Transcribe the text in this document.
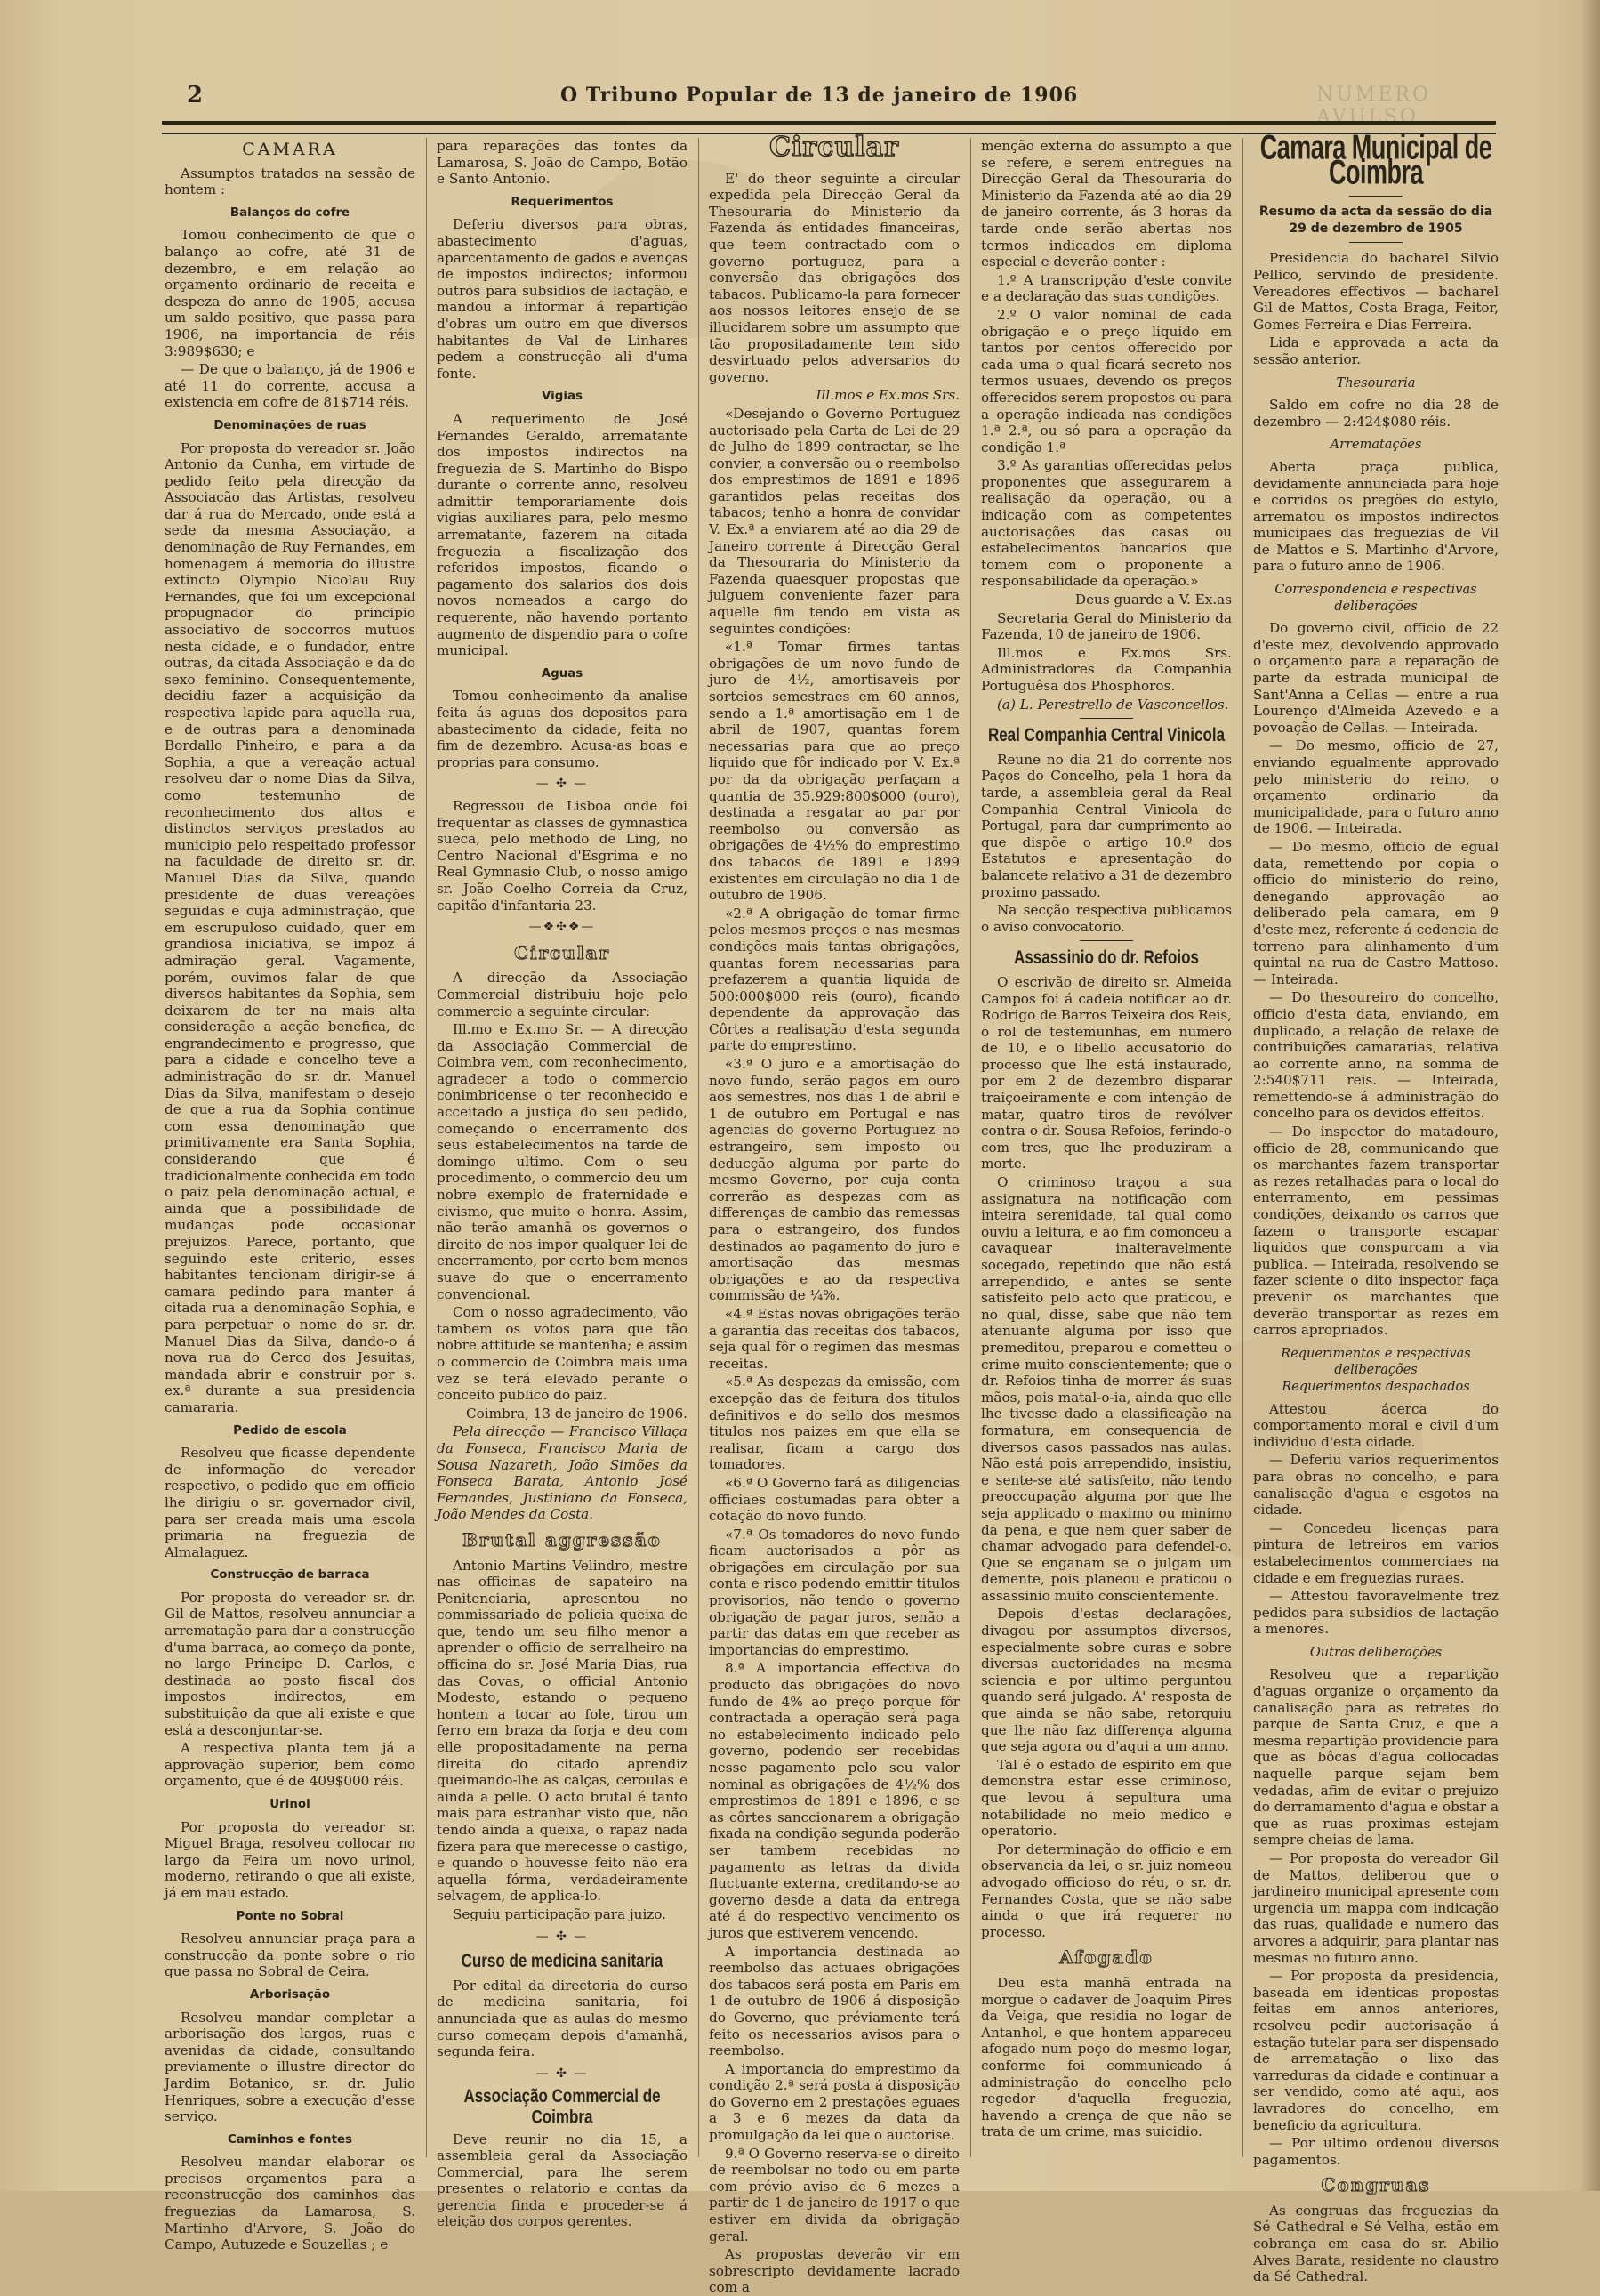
2	O Tribuno Popular de 13 de janeiro de 1906	NUMERO AVULSO
CAMARA

Assumptos tratados na sessão de hontem :

Balanços do cofre

Tomou conhecimento de que o balanço ao cofre, até 31 de dezembro, e em relação ao orçamento ordinario de receita e despeza do anno de 1905, accusa um saldo positivo, que passa para 1906, na importancia de réis 3:989$630; e

— De que o balanço, já de 1906 e até 11 do corrente, accusa a existencia em cofre de 81$714 réis.

Denominações de ruas

Por proposta do vereador sr. João Antonio da Cunha, em virtude de pedido feito pela direcção da Associação das Artistas, resolveu dar á rua do Mercado, onde está a sede da mesma Associação, a denominação de Ruy Fernandes, em homenagem á memoria do illustre extincto Olympio Nicolau Ruy Fernandes, que foi um excepcional propugnador do principio associativo de soccorros mutuos nesta cidade, e o fundador, entre outras, da citada Associação e da do sexo feminino. Consequentemente, decidiu fazer a acquisição da respectiva lapide para aquella rua, e de outras para a denominada Bordallo Pinheiro, e para a da Sophia, a que a vereação actual resolveu dar o nome Dias da Silva, como testemunho de reconhecimento dos altos e distinctos serviços prestados ao municipio pelo respeitado professor na faculdade de direito sr. dr. Manuel Dias da Silva, quando presidente de duas vereações seguidas e cuja administração, que em escrupuloso cuidado, quer em grandiosa iniciativa, se impoz á admiração geral. Vagamente, porém, ouvimos falar de que diversos habitantes da Sophia, sem deixarem de ter na mais alta consideração a acção benefica, de engrandecimento e progresso, que para a cidade e concelho teve a administração do sr. dr. Manuel Dias da Silva, manifestam o desejo de que a rua da Sophia continue com essa denominação que primitivamente era Santa Sophia, considerando que é tradicionalmente conhecida em todo o paiz pela denominação actual, e ainda que a possibilidade de mudanças pode occasionar prejuizos. Parece, portanto, que seguindo este criterio, esses habitantes tencionam dirigir-se á camara pedindo para manter á citada rua a denominação Sophia, e para perpetuar o nome do sr. dr. Manuel Dias da Silva, dando-o á nova rua do Cerco dos Jesuitas, mandada abrir e construir por s. ex.ª durante a sua presidencia camararia.

Pedido de escola

Resolveu que ficasse dependente de informação do vereador respectivo, o pedido que em officio lhe dirigiu o sr. governador civil, para ser creada mais uma escola primaria na freguezia de Almalaguez.

Construcção de barraca

Por proposta do vereador sr. dr. Gil de Mattos, resolveu annunciar a arrematação para dar a construcção d'uma barraca, ao começo da ponte, no largo Principe D. Carlos, e destinada ao posto fiscal dos impostos indirectos, em substituição da que ali existe e que está a desconjuntar-se.

A respectiva planta tem já a approvação superior, bem como orçamento, que é de 409$000 réis.

Urinol

Por proposta do vereador sr. Miguel Braga, resolveu collocar no largo da Feira um novo urinol, moderno, retirando o que ali existe, já em mau estado.

Ponte no Sobral

Resolveu annunciar praça para a construcção da ponte sobre o rio que passa no Sobral de Ceira.

Arborisação

Resolveu mandar completar a arborisação dos largos, ruas e avenidas da cidade, consultando previamente o illustre director do Jardim Botanico, sr. dr. Julio Henriques, sobre a execução d'esse serviço.

Caminhos e fontes

Resolveu mandar elaborar os precisos orçamentos para a reconstrucção dos caminhos das freguezias da Lamarosa, S. Martinho d'Arvore, S. João do Campo, Autuzede e Souzellas ; e

para reparações das fontes da Lamarosa, S. João do Campo, Botão e Santo Antonio.

Requerimentos

Deferiu diversos para obras, abastecimento d'aguas, aparcentamento de gados e avenças de impostos indirectos; informou outros para subsidios de lactação, e mandou a informar á repartição d'obras um outro em que diversos habitantes de Val de Linhares pedem a construcção ali d'uma fonte.

Vigias

A requerimento de José Fernandes Geraldo, arrematante dos impostos indirectos na freguezia de S. Martinho do Bispo durante o corrente anno, resolveu admittir temporariamente dois vigias auxiliares para, pelo mesmo arrematante, fazerem na citada freguezia a fiscalização dos referidos impostos, ficando o pagamento dos salarios dos dois novos nomeados a cargo do requerente, não havendo portanto augmento de dispendio para o cofre municipal.

Aguas

Tomou conhecimento da analise feita ás aguas dos depositos para abastecimento da cidade, feita no fim de dezembro. Acusa-as boas e proprias para consumo.

— ✣ —

Regressou de Lisboa onde foi frequentar as classes de gymnastica sueca, pelo methodo de Ling, no Centro Nacional d'Esgrima e no Real Gymnasio Club, o nosso amigo sr. João Coelho Correia da Cruz, capitão d'infantaria 23.

—❖✣❖—
Circular

A direcção da Associação Commercial distribuiu hoje pelo commercio a seguinte circular:

Ill.mo e Ex.mo Sr. — A direcção da Associação Commercial de Coimbra vem, com reconhecimento, agradecer a todo o commercio conimbricense o ter reconhecido e acceitado a justiça do seu pedido, começando o encerramento dos seus estabelecimentos na tarde de domingo ultimo. Com o seu procedimento, o commercio deu um nobre exemplo de fraternidade e civismo, que muito o honra. Assim, não terão amanhã os governos o direito de nos impor qualquer lei de encerramento, por certo bem menos suave do que o encerramento convencional.

Com o nosso agradecimento, vão tambem os votos para que tão nobre attitude se mantenha; e assim o commercio de Coimbra mais uma vez se terá elevado perante o conceito publico do paiz.

Coimbra, 13 de janeiro de 1906.

Pela direcção — Francisco Villaça da Fonseca, Francisco Maria de Sousa Nazareth, João Simões da Fonseca Barata, Antonio José Fernandes, Justiniano da Fonseca, João Mendes da Costa.

Brutal aggressão

Antonio Martins Velindro, mestre nas officinas de sapateiro na Penitenciaria, apresentou no commissariado de policia queixa de que, tendo um seu filho menor a aprender o officio de serralheiro na officina do sr. José Maria Dias, rua das Covas, o official Antonio Modesto, estando o pequeno hontem a tocar ao fole, tirou um ferro em braza da forja e deu com elle propositadamente na perna direita do citado aprendiz queimando-lhe as calças, ceroulas e ainda a pelle. O acto brutal é tanto mais para estranhar visto que, não tendo ainda a queixa, o rapaz nada fizera para que merecesse o castigo, e quando o houvesse feito não era aquella fórma, verdadeiramente selvagem, de applica-lo.

Seguiu participação para juizo.

— ✣ —
Curso de medicina sanitaria

Por edital da directoria do curso de medicina sanitaria, foi annunciada que as aulas do mesmo curso começam depois d'amanhã, segunda feira.

— ✣ —
Associação Commercial de Coimbra

Deve reunir no dia 15, a assembleia geral da Associação Commercial, para lhe serem presentes o relatorio e contas da gerencia finda e proceder-se á eleição dos corpos gerentes.

Circular

E' do theor seguinte a circular expedida pela Direcção Geral da Thesouraria do Ministerio da Fazenda ás entidades financeiras, que teem contractado com o governo portuguez, para a conversão das obrigações dos tabacos. Publicamo-la para fornecer aos nossos leitores ensejo de se illucidarem sobre um assumpto que tão propositadamente tem sido desvirtuado pelos adversarios do governo.

Ill.mos e Ex.mos Srs.

«Desejando o Governo Portuguez auctorisado pela Carta de Lei de 29 de Julho de 1899 contractar, se lhe convier, a conversão ou o reembolso dos emprestimos de 1891 e 1896 garantidos pelas receitas dos tabacos; tenho a honra de convidar V. Ex.ª a enviarem até ao dia 29 de Janeiro corrente á Direcção Geral da Thesouraria do Ministerio da Fazenda quaesquer propostas que julguem conveniente fazer para aquelle fim tendo em vista as seguintes condições:

«1.ª Tomar firmes tantas obrigações de um novo fundo de juro de 4½, amortisaveis por sorteios semestraes em 60 annos, sendo a 1.ª amortisação em 1 de abril de 1907, quantas forem necessarias para que ao preço liquido que fôr indicado por V. Ex.ª por da da obrigação perfaçam a quantia de 35.929:800$000 (ouro), destinada a resgatar ao par por reembolso ou conversão as obrigações de 4½% do emprestimo dos tabacos de 1891 e 1899 existentes em circulação no dia 1 de outubro de 1906.

«2.ª A obrigação de tomar firme pelos mesmos preços e nas mesmas condições mais tantas obrigações, quantas forem necessarias para prefazerem a quantia liquida de 500:000$000 reis (ouro), ficando dependente da approvação das Côrtes a realisação d'esta segunda parte do emprestimo.

«3.ª O juro e a amortisação do novo fundo, serão pagos em ouro aos semestres, nos dias 1 de abril e 1 de outubro em Portugal e nas agencias do governo Portuguez no estrangeiro, sem imposto ou deducção alguma por parte do mesmo Governo, por cuja conta correrão as despezas com as differenças de cambio das remessas para o estrangeiro, dos fundos destinados ao pagamento do juro e amortisação das mesmas obrigações e ao da respectiva commissão de ¼%.

«4.ª Estas novas obrigações terão a garantia das receitas dos tabacos, seja qual fôr o regimen das mesmas receitas.

«5.ª As despezas da emissão, com excepção das de feitura dos titulos definitivos e do sello dos mesmos titulos nos paizes em que ella se realisar, ficam a cargo dos tomadores.

«6.ª O Governo fará as diligencias officiaes costumadas para obter a cotação do novo fundo.

«7.ª Os tomadores do novo fundo ficam auctorisados a pôr as obrigações em circulação por sua conta e risco podendo emittir titulos provisorios, não tendo o governo obrigação de pagar juros, senão a partir das datas em que receber as importancias do emprestimo.

8.ª A importancia effectiva do producto das obrigações do novo fundo de 4% ao preço porque fôr contractada a operação será paga no estabelecimento indicado pelo governo, podendo ser recebidas nesse pagamento pelo seu valor nominal as obrigações de 4½% dos emprestimos de 1891 e 1896, e se as côrtes sanccionarem a obrigação fixada na condição segunda poderão ser tambem recebidas no pagamento as letras da divida fluctuante externa, creditando-se ao governo desde a data da entrega até á do respectivo vencimento os juros que estiverem vencendo.

A importancia destinada ao reembolso das actuaes obrigações dos tabacos será posta em Paris em 1 de outubro de 1906 á disposição do Governo, que préviamente terá feito os necessarios avisos para o reembolso.

A importancia do emprestimo da condição 2.ª será posta á disposição do Governo em 2 prestações eguaes a 3 e 6 mezes da data da promulgação da lei que o auctorise.

9.ª O Governo reserva-se o direito de reembolsar no todo ou em parte com prévio aviso de 6 mezes a partir de 1 de janeiro de 1917 o que estiver em divida da obrigação geral.

As propostas deverão vir em sobrescripto devidamente lacrado com a

menção externa do assumpto a que se refere, e serem entregues na Direcção Geral da Thesouraria do Ministerio da Fazenda até ao dia 29 de janeiro corrente, ás 3 horas da tarde onde serão abertas nos termos indicados em diploma especial e deverão conter :

1.º A transcripção d'este convite e a declaração das suas condições.

2.º O valor nominal de cada obrigação e o preço liquido em tantos por centos offerecido por cada uma o qual ficará secreto nos termos usuaes, devendo os preços offerecidos serem propostos ou para a operação indicada nas condições 1.ª 2.ª, ou só para a operação da condição 1.ª

3.º As garantias offerecidas pelos proponentes que assegurarem a realisação da operação, ou a indicação com as competentes auctorisações das casas ou estabelecimentos bancarios que tomem com o proponente a responsabilidade da operação.»

Deus guarde a V. Ex.as

Secretaria Geral do Ministerio da Fazenda, 10 de janeiro de 1906.

Ill.mos e Ex.mos Srs. Administradores da Companhia Portuguêsa dos Phosphoros.

(a) L. Perestrello de Vasconcellos.

Real Companhia Central Vinicola

Reune no dia 21 do corrente nos Paços do Concelho, pela 1 hora da tarde, a assembleia geral da Real Companhia Central Vinicola de Portugal, para dar cumprimento ao que dispõe o artigo 10.º dos Estatutos e apresentação do balancete relativo a 31 de dezembro proximo passado.

Na secção respectiva publicamos o aviso convocatorio.

Assassinio do dr. Refoios

O escrivão de direito sr. Almeida Campos foi á cadeia notificar ao dr. Rodrigo de Barros Teixeira dos Reis, o rol de testemunhas, em numero de 10, e o libello accusatorio do processo que lhe está instaurado, por em 2 de dezembro disparar traiçoeiramente e com intenção de matar, quatro tiros de revólver contra o dr. Sousa Refoios, ferindo-o com tres, que lhe produziram a morte.

O criminoso traçou a sua assignatura na notificação com inteira serenidade, tal qual como ouviu a leitura, e ao fim comonceu a cavaquear inalteravelmente socegado, repetindo que não está arrependido, e antes se sente satisfeito pelo acto que praticou, e no qual, disse, sabe que não tem atenuante alguma por isso que premeditou, preparou e cometteu o crime muito conscientemente; que o dr. Refoios tinha de morrer ás suas mãos, pois matal-o-ia, ainda que elle lhe tivesse dado a classificação na formatura, em consequencia de diversos casos passados nas aulas. Não está pois arrependido, insistiu, e sente-se até satisfeito, não tendo preoccupação alguma por que lhe seja applicado o maximo ou minimo da pena, e que nem quer saber de chamar advogado para defendel-o. Que se enganam se o julgam um demente, pois planeou e praticou o assassinio muito conscientemente.

Depois d'estas declarações, divagou por assumptos diversos, especialmente sobre curas e sobre diversas auctoridades na mesma sciencia e por ultimo perguntou quando será julgado. A' resposta de que ainda se não sabe, retorquiu que lhe não faz differença alguma que seja agora ou d'aqui a um anno.

Tal é o estado de espirito em que demonstra estar esse criminoso, que levou á sepultura uma notabilidade no meio medico e operatorio.

Por determinação do officio e em observancia da lei, o sr. juiz nomeou advogado officioso do réu, o sr. dr. Fernandes Costa, que se não sabe ainda o que irá requerer no processo.

Afogado

Deu esta manhã entrada na morgue o cadaver de Joaquim Pires da Veiga, que residia no logar de Antanhol, e que hontem appareceu afogado num poço do mesmo logar, conforme foi communicado á administração do concelho pelo regedor d'aquella freguezia, havendo a crença de que não se trata de um crime, mas suicidio.

Camara Municipal de Coimbra
Resumo da acta da sessão do dia 29 de dezembro de 1905

Presidencia do bacharel Silvio Pellico, servindo de presidente. Vereadores effectivos — bacharel Gil de Mattos, Costa Braga, Feitor, Gomes Ferreira e Dias Ferreira.

Lida e approvada a acta da sessão anterior.

Thesouraria

Saldo em cofre no dia 28 de dezembro — 2:424$080 réis.

Arrematações

Aberta praça publica, devidamente annunciada para hoje e corridos os pregões do estylo, arrematou os impostos indirectos municipaes das freguezias de Vil de Mattos e S. Martinho d'Arvore, para o futuro anno de 1906.

Correspondencia e respectivas deliberações

Do governo civil, officio de 22 d'este mez, devolvendo approvado o orçamento para a reparação de parte da estrada municipal de Sant'Anna a Cellas — entre a rua Lourenço d'Almeida Azevedo e a povoação de Cellas. — Inteirada.

— Do mesmo, officio de 27, enviando egualmente approvado pelo ministerio do reino, o orçamento ordinario da municipalidade, para o futuro anno de 1906. — Inteirada.

— Do mesmo, officio de egual data, remettendo por copia o officio do ministerio do reino, denegando approvação ao deliberado pela camara, em 9 d'este mez, referente á cedencia de terreno para alinhamento d'um quintal na rua de Castro Mattoso. — Inteirada.

— Do thesoureiro do concelho, officio d'esta data, enviando, em duplicado, a relação de relaxe de contribuições camararias, relativa ao corrente anno, na somma de 2:540$711 reis. — Inteirada, remettendo-se á administração do concelho para os devidos effeitos.

— Do inspector do matadouro, officio de 28, communicando que os marchantes fazem transportar as rezes retalhadas para o local do enterramento, em pessimas condições, deixando os carros que fazem o transporte escapar liquidos que conspurcam a via publica. — Inteirada, resolvendo se fazer sciente o dito inspector faça prevenir os marchantes que deverão transportar as rezes em carros apropriados.

Requerimentos e respectivas deliberações
Requerimentos despachados

Attestou ácerca do comportamento moral e civil d'um individuo d'esta cidade.

— Deferiu varios requerimentos para obras no concelho, e para canalisação d'agua e esgotos na cidade.

— Concedeu licenças para pintura de letreiros em varios estabelecimentos commerciaes na cidade e em freguezias ruraes.

— Attestou favoravelmente trez pedidos para subsidios de lactação a menores.

Outras deliberações

Resolveu que a repartição d'aguas organize o orçamento da canalisação para as retretes do parque de Santa Cruz, e que a mesma repartição providencie para que as bôcas d'agua collocadas naquelle parque sejam bem vedadas, afim de evitar o prejuizo do derramamento d'agua e obstar a que as ruas proximas estejam sempre cheias de lama.

— Por proposta do vereador Gil de Mattos, deliberou que o jardineiro municipal apresente com urgencia um mappa com indicação das ruas, qualidade e numero das arvores a adquirir, para plantar nas mesmas no futuro anno.

— Por proposta da presidencia, baseada em identicas propostas feitas em annos anteriores, resolveu pedir auctorisação á estação tutelar para ser dispensado de arrematação o lixo das varreduras da cidade e continuar a ser vendido, como até aqui, aos lavradores do concelho, em beneficio da agricultura.

— Por ultimo ordenou diversos pagamentos.

Congruas

As congruas das freguezias da Sé Cathedral e Sé Velha, estão em cobrança em casa do sr. Abilio Alves Barata, residente no claustro da Sé Cathedral.
